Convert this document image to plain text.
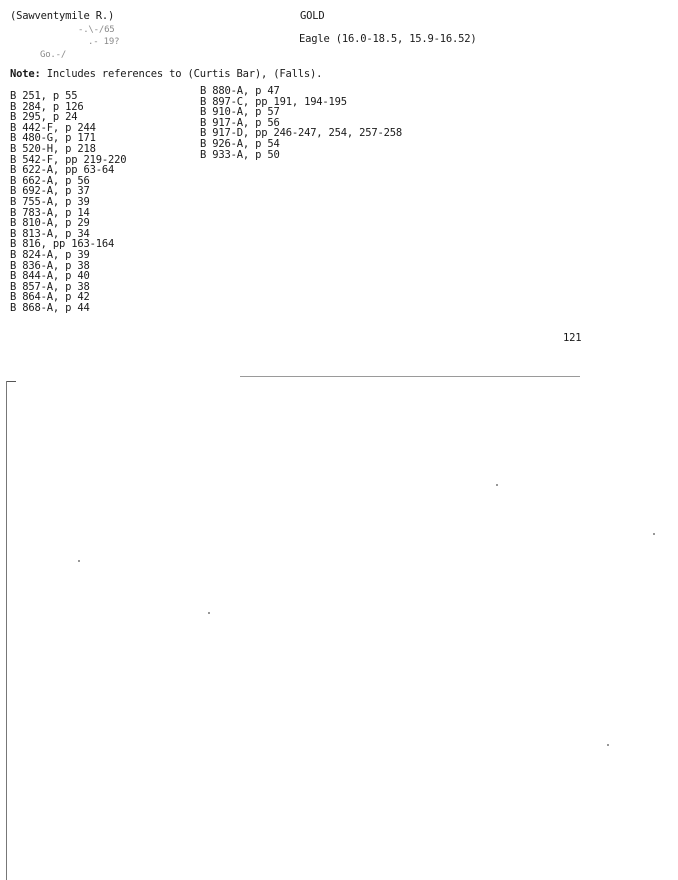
(Sawventymile R.)
-.\-/65
.- 19?
Go.-/
GOLD
Eagle (16.0-18.5, 15.9-16.52)
Note: Includes references to (Curtis Bar), (Falls).
B 251, p 55
B 284, p 126
B 295, p 24
B 442-F, p 244
B 480-G, p 171
B 520-H, p 218
B 542-F, pp 219-220
B 622-A, pp 63-64
B 662-A, p 56
B 692-A, p 37
B 755-A, p 39
B 783-A, p 14
B 810-A, p 29
B 813-A, p 34
B 816, pp 163-164
B 824-A, p 39
B 836-A, p 38
B 844-A, p 40
B 857-A, p 38
B 864-A, p 42
B 868-A, p 44
B 880-A, p 47
B 897-C, pp 191, 194-195
B 910-A, p 57
B 917-A, p 56
B 917-D, pp 246-247, 254, 257-258
B 926-A, p 54
B 933-A, p 50
121
